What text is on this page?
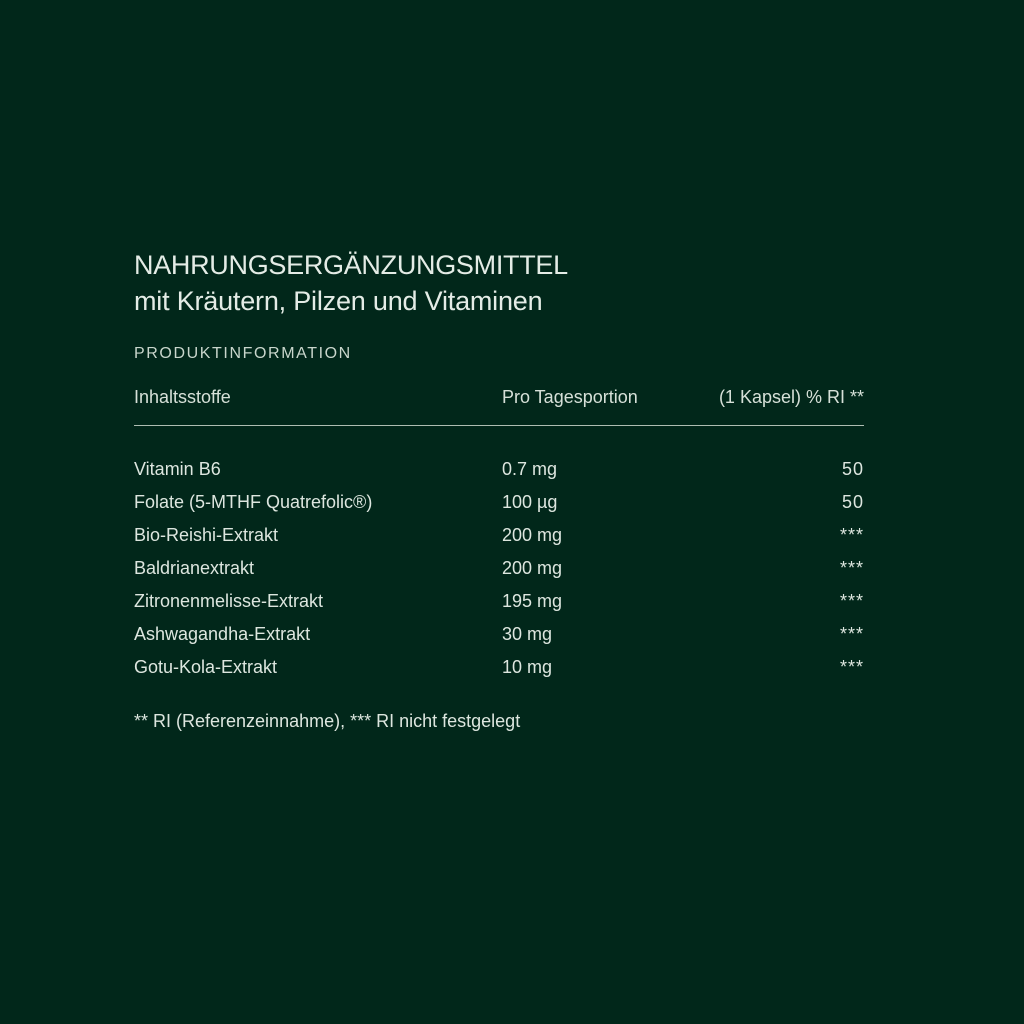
NAHRUNGSERGÄNZUNGSMITTEL
mit Kräutern, Pilzen und Vitaminen
PRODUKTINFORMATION
Inhaltsstoffe	Pro Tagesportion	(1 Kapsel) % RI **
Vitamin B6	0.7 mg	50
Folate (5-MTHF Quatrefolic®)	100 µg	50
Bio-Reishi-Extrakt	200 mg	***
Baldrianextrakt	200 mg	***
Zitronenmelisse-Extrakt	195 mg	***
Ashwagandha-Extrakt	30 mg	***
Gotu-Kola-Extrakt	10 mg	***
** RI (Referenzeinnahme), *** RI nicht festgelegt
